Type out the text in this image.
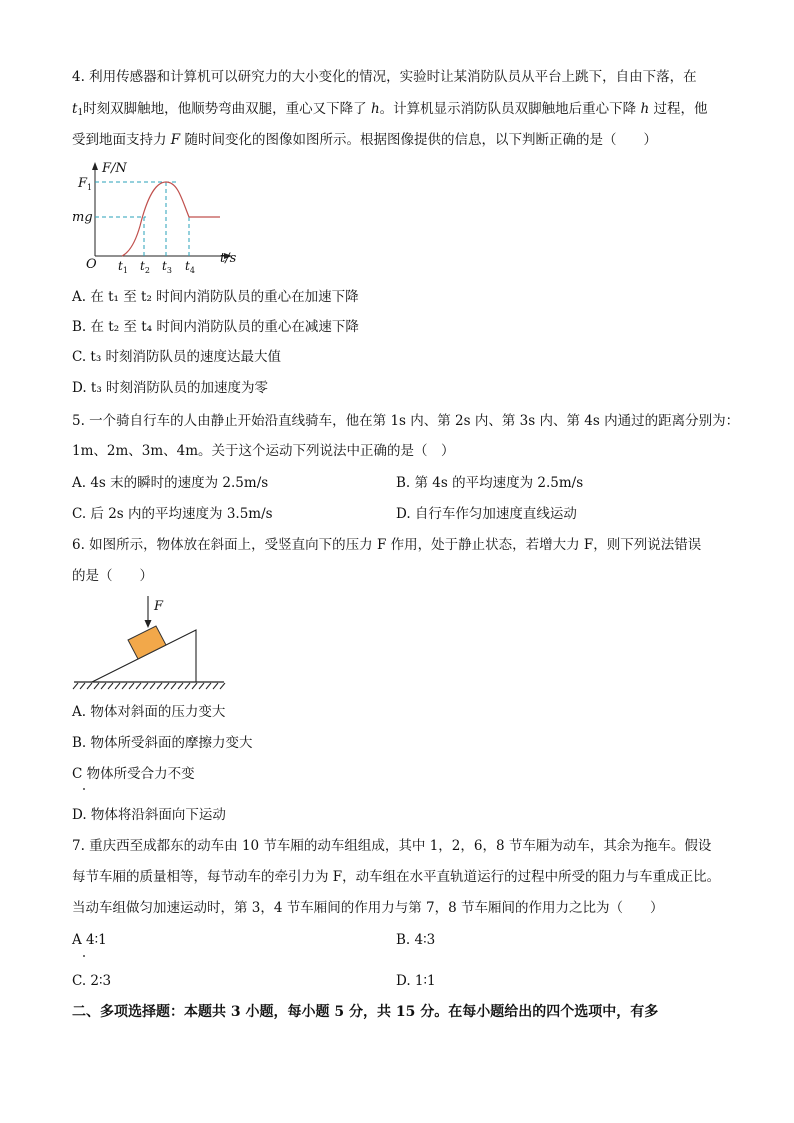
4. 利用传感器和计算机可以研究力的大小变化的情况，实验时让某消防队员从平台上跳下，自由下落，在
$t_1$时刻双脚触地，他顺势弯曲双腿，重心又下降了 h。计算机显示消防队员双脚触地后重心下降 h 过程，他
受到地面支持力 F 随时间变化的图像如图所示。根据图像提供的信息，以下判断正确的是（　　）
F/N
$F_1$
mg
O	t/s
$t_1$ $t_2$ $t_3$ $t_4$
A. 在 t₁ 至 t₂ 时间内消防队员的重心在加速下降
B. 在 t₂ 至 t₄ 时间内消防队员的重心在减速下降
C. t₃ 时刻消防队员的速度达最大值
D. t₃ 时刻消防队员的加速度为零
5. 一个骑自行车的人由静止开始沿直线骑车，他在第 1s 内、第 2s 内、第 3s 内、第 4s 内通过的距离分别为：
1m、2m、3m、4m。关于这个运动下列说法中正确的是（　）
A. 4s 末的瞬时的速度为 2.5m/s	B. 第 4s 的平均速度为 2.5m/s
C. 后 2s 内的平均速度为 3.5m/s	D. 自行车作匀加速度直线运动
6. 如图所示，物体放在斜面上，受竖直向下的压力 F 作用，处于静止状态，若增大力 F，则下列说法错误
的是（　　）
F
A. 物体对斜面的压力变大
B. 物体所受斜面的摩擦力变大
C 物体所受合力不变
D. 物体将沿斜面向下运动
7. 重庆西至成都东的动车由 10 节车厢的动车组组成，其中 1，2，6，8 节车厢为动车，其余为拖车。假设
每节车厢的质量相等，每节动车的牵引力为 F，动车组在水平直轨道运行的过程中所受的阻力与车重成正比。
当动车组做匀加速运动时，第 3，4 节车厢间的作用力与第 7，8 节车厢间的作用力之比为（　　）
A 4∶1	B. 4∶3
C. 2∶3	D. 1∶1
二、多项选择题：本题共 3 小题，每小题 5 分，共 15 分。在每小题给出的四个选项中，有多
